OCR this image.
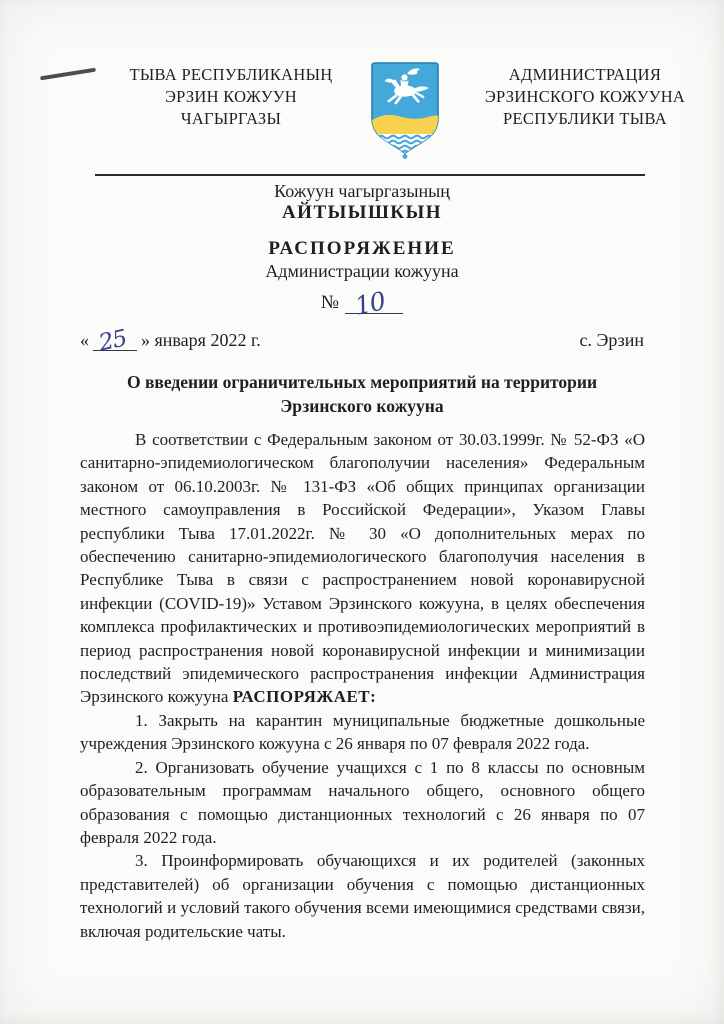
ТЫВА РЕСПУБЛИКАНЫҢ
ЭРЗИН КОЖУУН
ЧАГЫРГАЗЫ
АДМИНИСТРАЦИЯ
ЭРЗИНСКОГО КОЖУУНА
РЕСПУБЛИКИ ТЫВА
Кожуун чагыргазының
АЙТЫЫШКЫН
РАСПОРЯЖЕНИЕ
Администрации кожууна
№ 10
« 25 » января 2022 г.	с. Эрзин
О введении ограничительных мероприятий на территории Эрзинского кожууна

В соответствии с Федеральным законом от 30.03.1999г. № 52-ФЗ «О санитарно-эпидемиологическом благополучии населения» Федеральным законом от 06.10.2003г. № 131-ФЗ «Об общих принципах организации местного самоуправления в Российской Федерации», Указом Главы республики Тыва 17.01.2022г. № 30 «О дополнительных мерах по обеспечению санитарно-эпидемиологического благополучия населения в Республике Тыва в связи с распространением новой коронавирусной инфекции (COVID-19)» Уставом Эрзинского кожууна, в целях обеспечения комплекса профилактических и противоэпидемиологических мероприятий в период распространения новой коронавирусной инфекции и минимизации последствий эпидемического распространения инфекции Администрация Эрзинского кожууна РАСПОРЯЖАЕТ:

1. Закрыть на карантин муниципальные бюджетные дошкольные учреждения Эрзинского кожууна с 26 января по 07 февраля 2022 года.

2. Организовать обучение учащихся с 1 по 8 классы по основным образовательным программам начального общего, основного общего образования с помощью дистанционных технологий с 26 января по 07 февраля 2022 года.

3. Проинформировать обучающихся и их родителей (законных представителей) об организации обучения с помощью дистанционных технологий и условий такого обучения всеми имеющимися средствами связи, включая родительские чаты.
